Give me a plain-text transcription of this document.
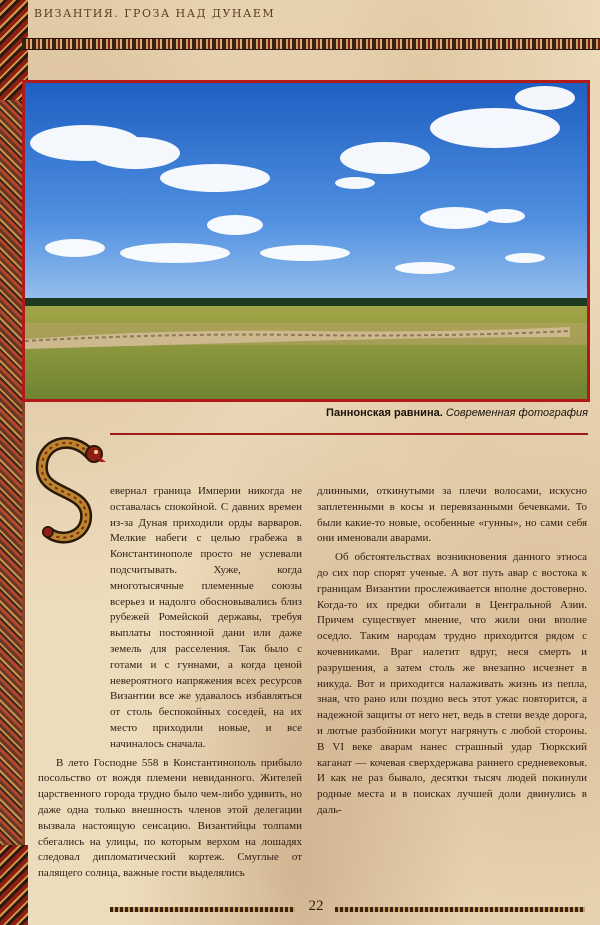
ВИЗАНТИЯ. ГРОЗА НАД ДУНАЕМ
Паннонская равнина. Современная фотография

евернал граница Империи никогда не оставалась спокойной. С давних времен из-за Дуная приходили орды варваров. Мелкие набеги с целью грабежа в Константинополе просто не успевали подсчитывать. Хуже, когда многотысячные племенные союзы всерьез и надолго обосновывались близ рубежей Ромейской державы, требуя выплаты постоянной дани или даже земель для расселения. Так было с готами и с гуннами, а когда ценой невероятного напряжения всех ресурсов Византии все же удавалось избавляться от столь беспокойных соседей, на их место приходили новые, и все начиналось сначала.

В лето Господне 558 в Константинополь прибыло посольство от вождя племени невиданного. Жителей царственного города трудно было чем-либо удивить, но даже одна только внешность членов этой делегации вызвала настоящую сенсацию. Византийцы толпами сбегались на улицы, по которым верхом на лошадях следовал дипломатический кортеж. Смуглые от палящего солнца, важные гости выделялись

длинными, откинутыми за плечи волосами, искусно заплетенными в косы и перевязанными бечевками. То были какие-то новые, особенные «гунны», но сами себя они именовали аварами.

Об обстоятельствах возникновения данного этноcа до сих пор спорят ученые. А вот путь авар с востока к границам Византии прослеживается вполне достоверно. Когда-то их предки обитали в Центральной Азии. Причем существует мнение, что жили они вполне оседло. Таким народам трудно приходится рядом с кочевниками. Враг налетит вдруг, неся смерть и разрушения, а затем столь же внезапно исчезнет в никуда. Вот и приходится налаживать жизнь из пепла, зная, что рано или поздно весь этот ужас повторится, а надежной защиты от него нет, ведь в степи везде дорога, и лютые разбойники могут нагрянуть с любой стороны. В VI веке аварам нанес страшный удар Тюркский каганат — кочевая сверхдержава раннего средневековья. И как не раз бывало, десятки тысяч людей покинули родные места и в поисках лучшей доли двинулись в даль-

22
